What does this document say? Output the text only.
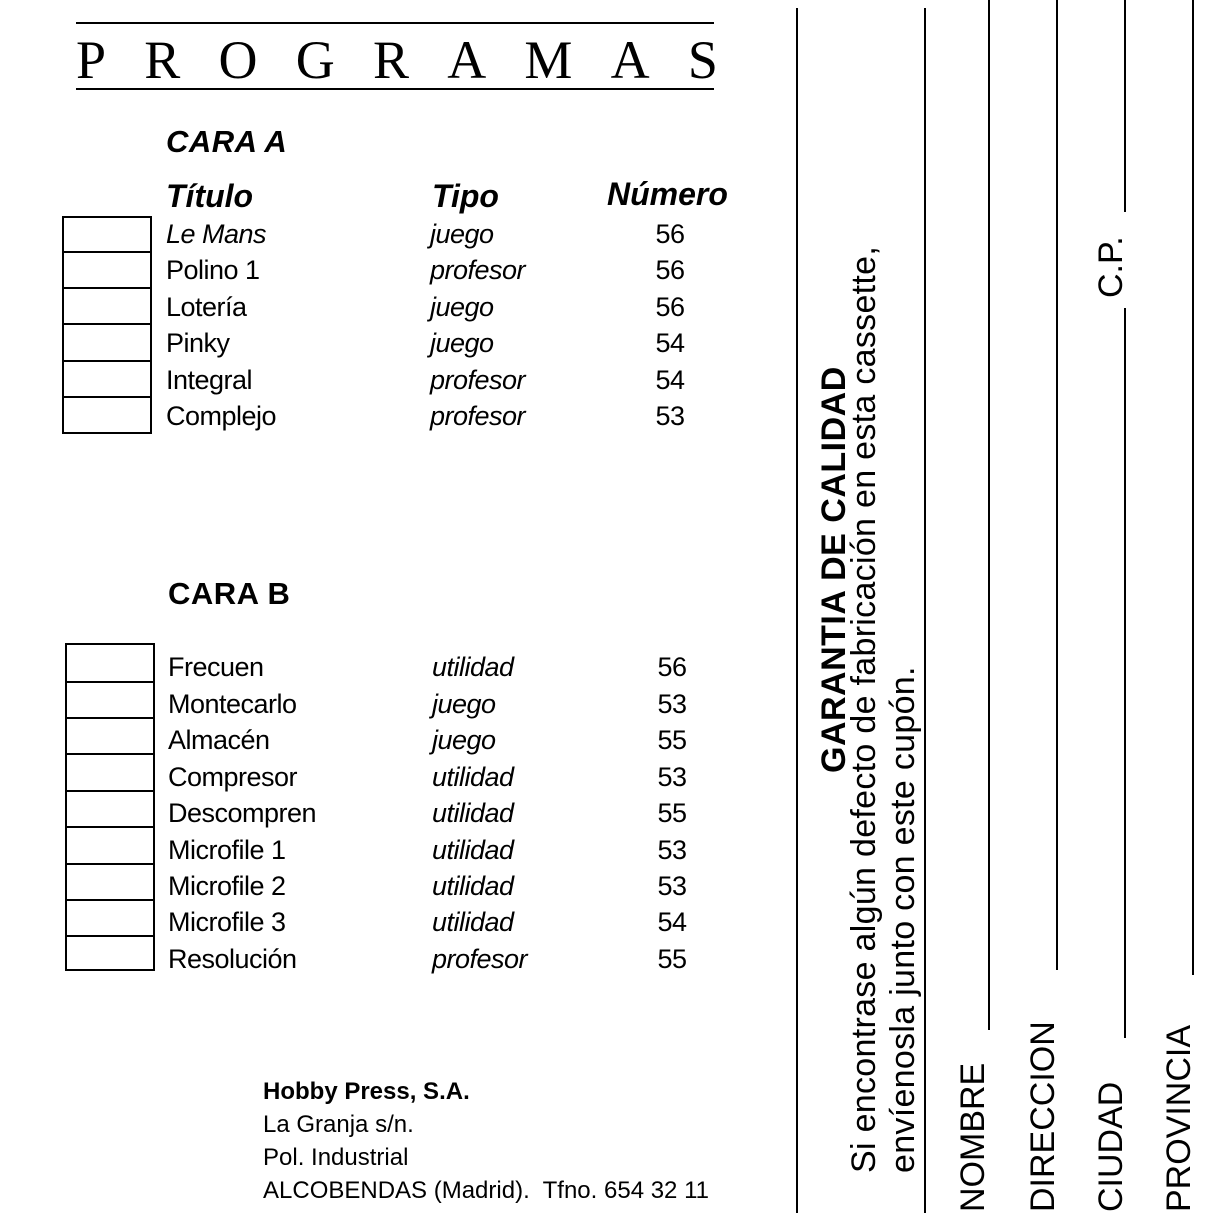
P R O G R A M A S
CARA A
Título	Tipo	Número
Le Mans	juego	56
Polino 1	profesor	56
Lotería	juego	56
Pinky	juego	54
Integral	profesor	54
Complejo	profesor	53
CARA B
Frecuen	utilidad	56
Montecarlo	juego	53
Almacén	juego	55
Compresor	utilidad	53
Descompren	utilidad	55
Microfile 1	utilidad	53
Microfile 2	utilidad	53
Microfile 3	utilidad	54
Resolución	profesor	55
Hobby Press, S.A.
La Granja s/n.
Pol. Industrial
ALCOBENDAS (Madrid).  Tfno. 654 32 11
GARANTIA DE CALIDAD
Si encontrase algún defecto de fabricación en esta cassette, envíenosla junto con este cupón. NOMBRE DIRECCION CIUDAD
C.P.
PROVINCIA
